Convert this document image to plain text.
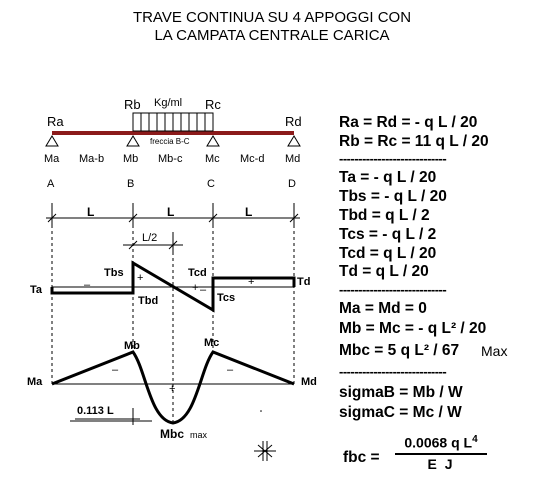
TRAVE CONTINUA SU 4 APPOGGI CON
LA CAMPATA CENTRALE CARICA
Ra
Rb Kg/ml Rc
Rd
freccia B-C
Ma Ma-b Mb Mb-c Mc Mc-d Md
A	B	C	D
L	L	L
L/2
Ta
Tbs
Tbd
Tcd
Tcs
Td
–
+
+ –
+
Ma
Mb	Mc
Md
–	–
+
0.113 L
Mbc max
Ra = Rd = - q L / 20
Rb = Rc = 11 q L / 20
----------------------------
Ta = - q L / 20
Tbs = - q L / 20
Tbd = q L / 2
Tcs = - q L / 2
Tcd = q L / 20
Td = q L / 20
----------------------------
Ma = Md = 0
Mb = Mc = - q L² / 20
Mbc = 5 q L² / 67 Max
----------------------------
sigmaB = Mb / W
sigmaC = Mc / W
fbc =
0.0068 q $L^4$
E J
